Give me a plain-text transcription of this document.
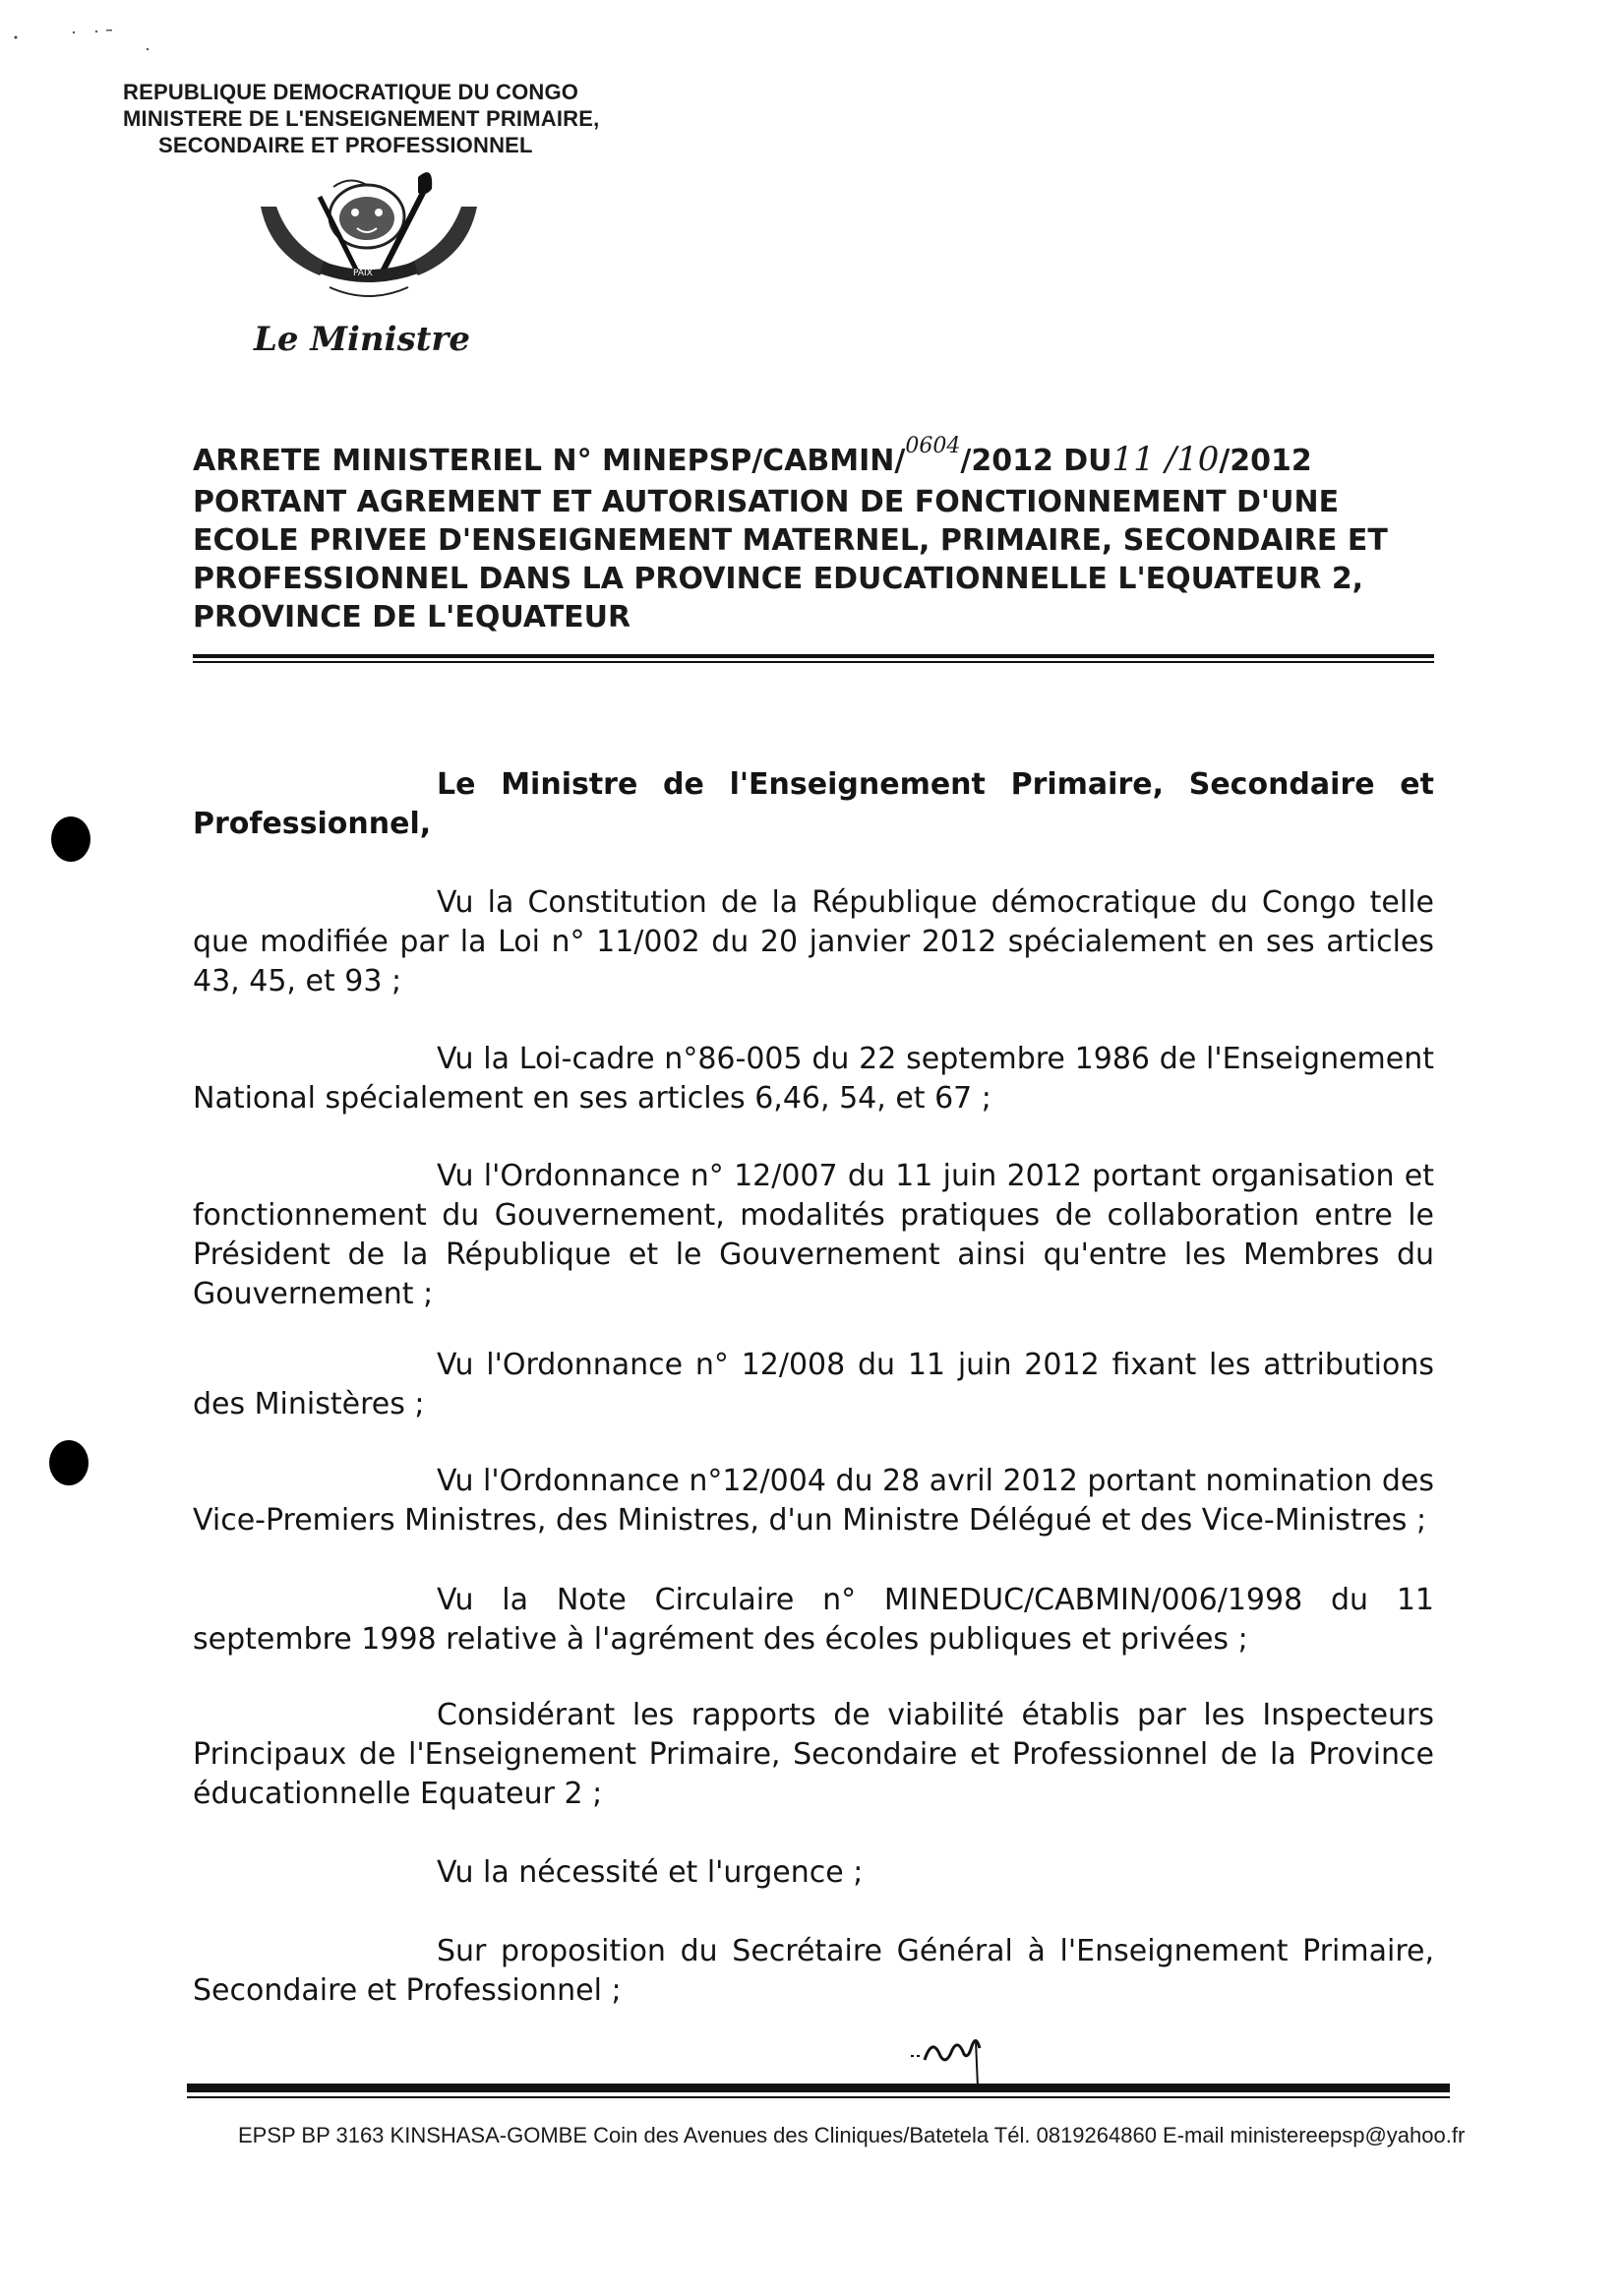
REPUBLIQUE DEMOCRATIQUE DU CONGO
MINISTERE DE L'ENSEIGNEMENT PRIMAIRE,
SECONDAIRE ET PROFESSIONNEL
PAIX
Le Ministre
ARRETE MINISTERIEL N° MINEPSP/CABMIN/$^{0604}$/2012 DU11 /10/2012
PORTANT AGREMENT ET AUTORISATION DE FONCTIONNEMENT D'UNE
ECOLE PRIVEE D'ENSEIGNEMENT MATERNEL, PRIMAIRE, SECONDAIRE ET
PROFESSIONNEL DANS LA PROVINCE EDUCATIONNELLE L'EQUATEUR 2,
PROVINCE DE L'EQUATEUR
Le Ministre de l'Enseignement Primaire, Secondaire et Professionnel,
Vu la Constitution de la République démocratique du Congo telle que modifiée par la Loi n° 11/002 du 20 janvier 2012 spécialement en ses articles 43, 45, et 93 ;
Vu la Loi-cadre n°86-005 du 22 septembre 1986 de l'Enseignement National spécialement en ses articles 6,46, 54, et 67 ;
Vu l'Ordonnance n° 12/007 du 11 juin 2012 portant organisation et fonctionnement du Gouvernement, modalités pratiques de collaboration entre le Président de la République et le Gouvernement ainsi qu'entre les Membres du Gouvernement ;
Vu l'Ordonnance n° 12/008 du 11 juin 2012 fixant les attributions des Ministères ;
Vu l'Ordonnance n°12/004 du 28 avril 2012 portant nomination des Vice-Premiers Ministres, des Ministres, d'un Ministre Délégué et des Vice-Ministres ;
Vu la Note Circulaire n° MINEDUC/CABMIN/006/1998 du 11 septembre 1998 relative à l'agrément des écoles publiques et privées ;
Considérant les rapports de viabilité établis par les Inspecteurs Principaux de l'Enseignement Primaire, Secondaire et Professionnel de la Province éducationnelle Equateur 2 ;
Vu la nécessité et l'urgence ;
Sur proposition du Secrétaire Général à l'Enseignement Primaire, Secondaire et Professionnel ;
EPSP BP 3163 KINSHASA-GOMBE Coin des Avenues des Cliniques/Batetela Tél. 0819264860 E-mail ministereepsp@yahoo.fr
